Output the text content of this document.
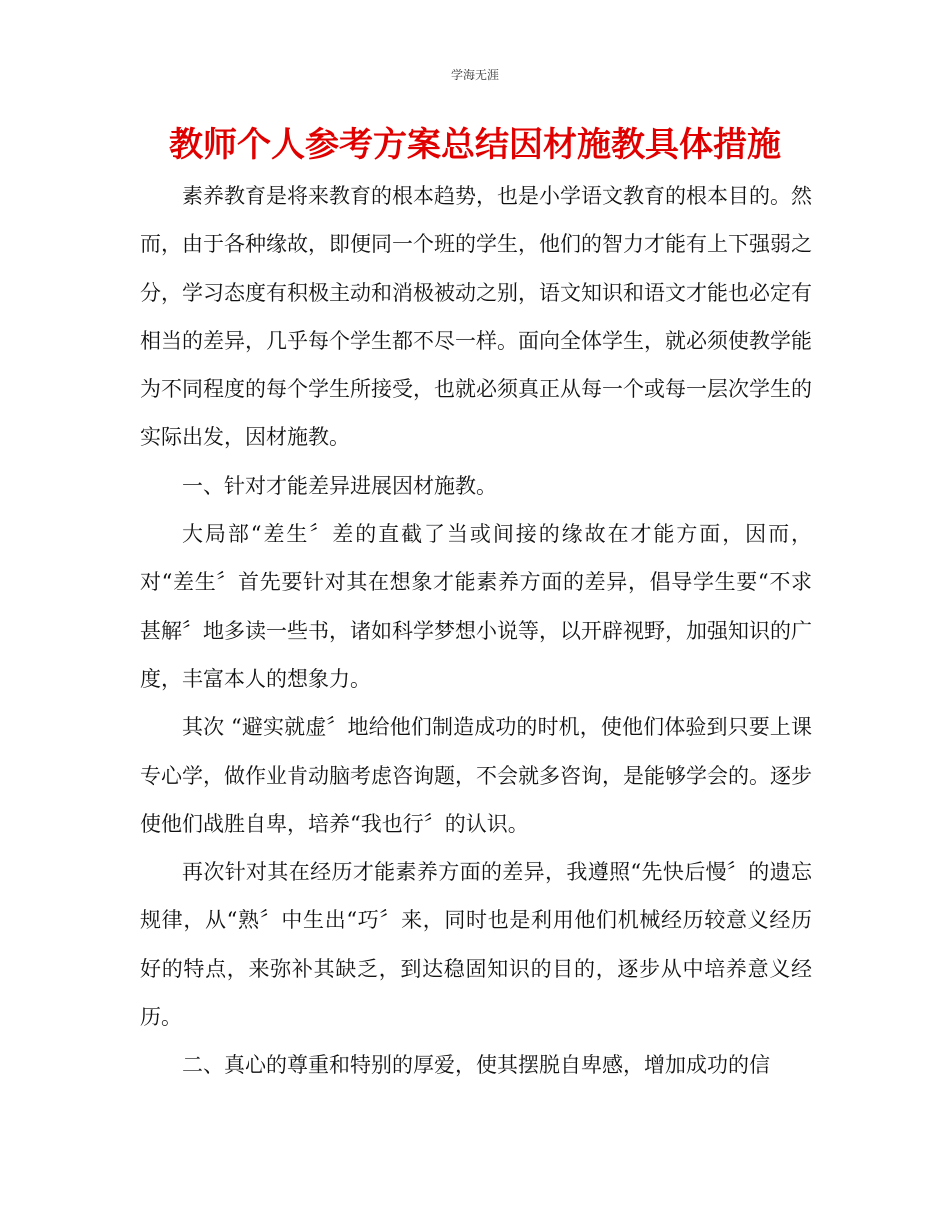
学海无涯
教师个人参考方案总结因材施教具体措施

素养教育是将来教育的根本趋势，也是小学语文教育的根本目的。然而，由于各种缘故，即便同一个班的学生，他们的智力才能有上下强弱之分，学习态度有积极主动和消极被动之别，语文知识和语文才能也必定有相当的差异，几乎每个学生都不尽一样。面向全体学生，就必须使教学能为不同程度的每个学生所接受，也就必须真正从每一个或每一层次学生的实际出发，因材施教。

一、针对才能差异进展因材施教。

大局部“差生〞差的直截了当或间接的缘故在才能方面，因而，对“差生〞首先要针对其在想象才能素养方面的差异，倡导学生要“不求甚解〞地多读一些书，诸如科学梦想小说等，以开辟视野，加强知识的广度，丰富本人的想象力。

其次 “避实就虚〞地给他们制造成功的时机，使他们体验到只要上课专心学，做作业肯动脑考虑咨询题，不会就多咨询，是能够学会的。逐步使他们战胜自卑，培养“我也行〞的认识。

再次针对其在经历才能素养方面的差异，我遵照“先快后慢〞的遗忘规律，从“熟〞中生出“巧〞来，同时也是利用他们机械经历较意义经历好的特点，来弥补其缺乏，到达稳固知识的目的，逐步从中培养意义经历。

二、真心的尊重和特别的厚爱，使其摆脱自卑感，增加成功的信
